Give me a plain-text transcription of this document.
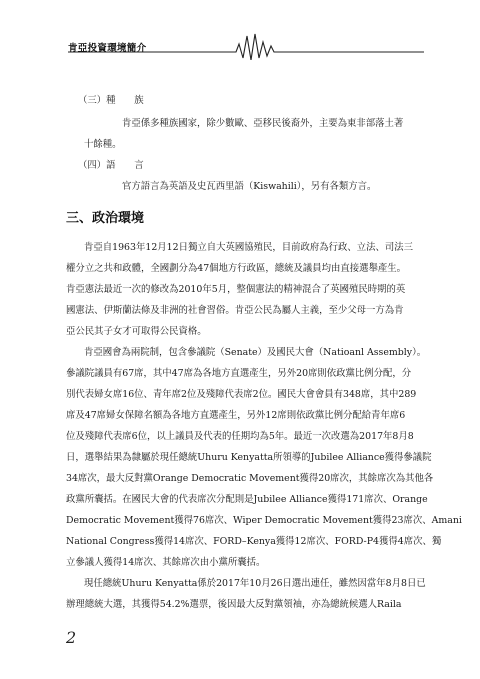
肯亞投資環境簡介
（三）種　　族
肯亞係多種族國家，除少數歐、亞移民後裔外，主要為東非部落土著
十餘種。
（四）語　　言
官方語言為英語及史瓦西里語（Kiswahili），另有各類方言。
三、政治環境
肯亞自1963年12月12日獨立自大英國協殖民，目前政府為行政、立法、司法三
權分立之共和政體，全國劃分為47個地方行政區，總統及議員均由直接選舉產生。
肯亞憲法最近一次的修改為2010年5月，整個憲法的精神混合了英國殖民時期的英
國憲法、伊斯蘭法條及非洲的社會習俗。肯亞公民為屬人主義，至少父母一方為肯
亞公民其子女才可取得公民資格。
肯亞國會為兩院制，包含參議院（Senate）及國民大會（Natioanl Assembly）。
參議院議員有67席，其中47席為各地方直選產生，另外20席則依政黨比例分配，分
別代表婦女席16位、青年席2位及殘障代表席2位。國民大會會員有348席，其中289
席及47席婦女保障名額為各地方直選產生，另外12席則依政黨比例分配給青年席6
位及殘障代表席6位，以上議員及代表的任期均為5年。最近一次改選為2017年8月8
日，選舉結果為隸屬於現任總統Uhuru Kenyatta所領導的Jubilee Alliance獲得參議院
34席次，最大反對黨Orange Democratic Movement獲得20席次，其餘席次為其他各
政黨所囊括。在國民大會的代表席次分配則是Jubilee Alliance獲得171席次、Orange
Democratic Movement獲得76席次、Wiper Democratic Movement獲得23席次、Amani
National Congress獲得14席次、FORD–Kenya獲得12席次、FORD-P4獲得4席次、獨
立參議人獲得14席次、其餘席次由小黨所囊括。
現任總統Uhuru Kenyatta係於2017年10月26日選出連任，雖然因當年8月8日已
辦理總統大選，其獲得54.2%選票，後因最大反對黨領袖，亦為總統候選人Raila
2
